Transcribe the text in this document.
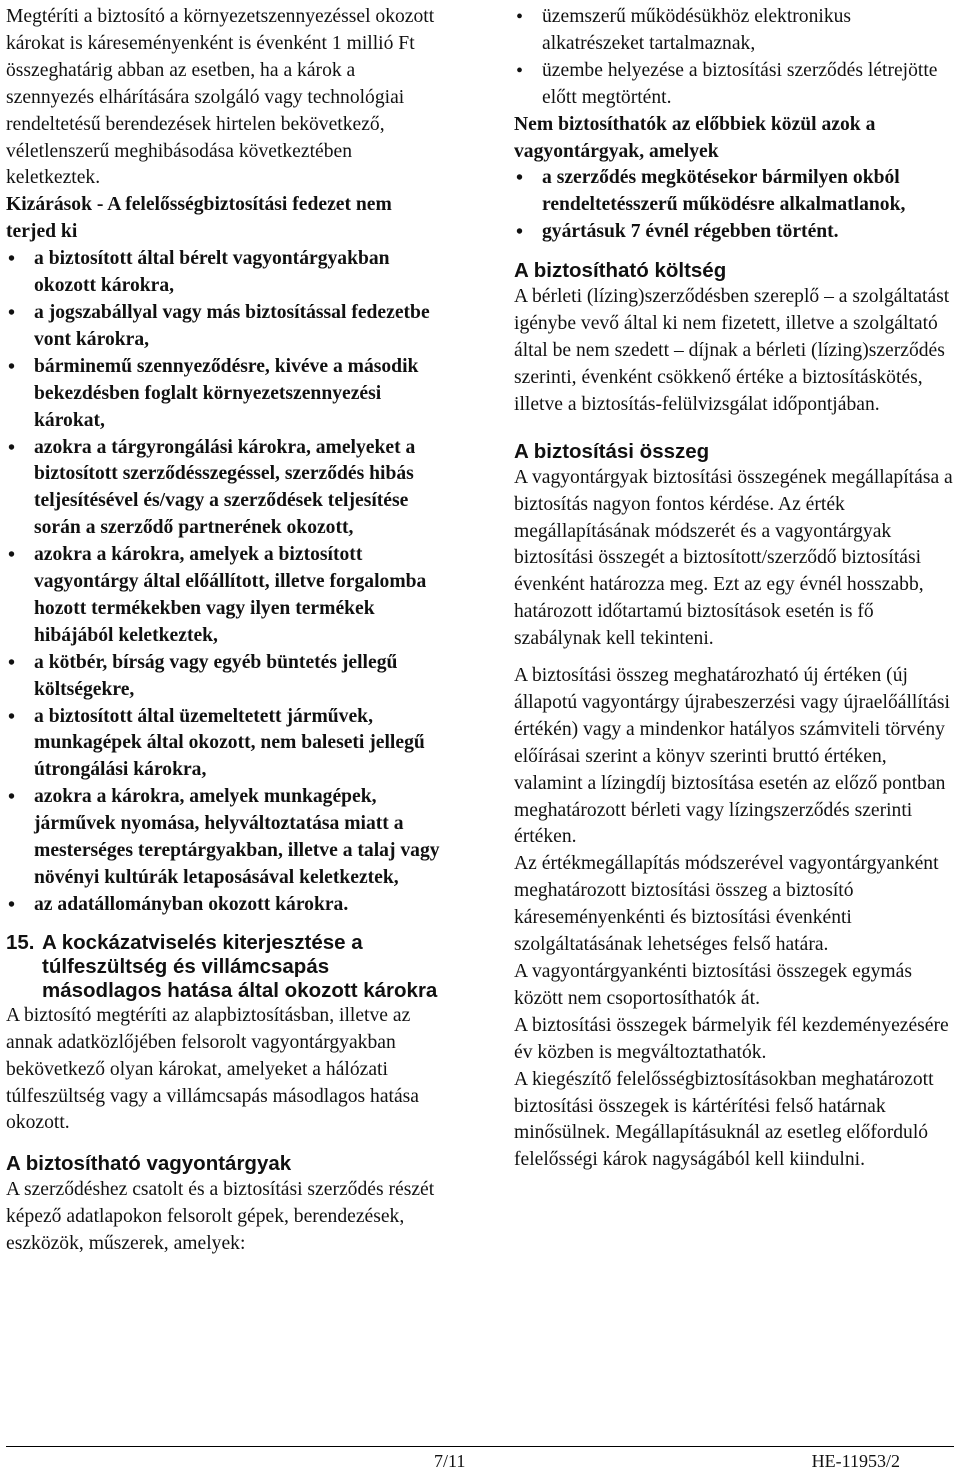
Megtéríti a biztosító a környezetszennyezéssel okozott károkat is káreseményenként is évenként 1 millió Ft összeghatárig abban az esetben, ha a károk a szennyezés elhárítására szolgáló vagy technológiai rendeltetésű berendezések hirtelen bekövetkező, véletlenszerű meghibásodása következtében keletkeztek.

Kizárások - A felelősségbiztosítási fedezet nem terjed ki

• a biztosított által bérelt vagyontárgyakban okozott károkra,
• a jogszabállyal vagy más biztosítással fedezetbe vont károkra,
• bárminemű szennyeződésre, kivéve a második bekezdésben foglalt környezetszennyezési károkat,
• azokra a tárgyrongálási károkra, amelyeket a biztosított szerződésszegéssel, szerződés hibás teljesítésével és/vagy a szerződések teljesítése során a szerződő partnerének okozott,
• azokra a károkra, amelyek a biztosított vagyontárgy által előállított, illetve forgalomba hozott termékekben vagy ilyen termékek hibájából keletkeztek,
• a kötbér, bírság vagy egyéb büntetés jellegű költségekre,
• a biztosított által üzemeltetett járművek, munkagépek által okozott, nem baleseti jellegű útrongálási károkra,
• azokra a károkra, amelyek munkagépek, járművek nyomása, helyváltoztatása miatt a mesterséges tereptárgyakban, illetve a talaj vagy növényi kultúrák letaposásával keletkeztek,
• az adatállományban okozott károkra.
15. A kockázatviselés kiterjesztése a túlfeszültség és villámcsapás másodlagos hatása által okozott károkra

A biztosító megtéríti az alapbiztosításban, illetve az annak adatközlőjében felsorolt vagyontárgyakban bekövetkező olyan károkat, amelyeket a hálózati túlfeszültség vagy a villámcsapás másodlagos hatása okozott.

A biztosítható vagyontárgyak

A szerződéshez csatolt és a biztosítási szerződés részét képező adatlapokon felsorolt gépek, berendezések, eszközök, műszerek, amelyek:

• üzemszerű működésükhöz elektronikus alkatrészeket tartalmaznak,
• üzembe helyezése a biztosítási szerződés létrejötte előtt megtörtént.

Nem biztosíthatók az előbbiek közül azok a vagyontárgyak, amelyek

• a szerződés megkötésekor bármilyen okból rendeltetésszerű működésre alkalmatlanok,
• gyártásuk 7 évnél régebben történt.
A biztosítható költség

A bérleti (lízing)szerződésben szereplő – a szolgáltatást igénybe vevő által ki nem fizetett, illetve a szolgáltató által be nem szedett – díjnak a bérleti (lízing)szerződés szerinti, évenként csökkenő értéke a biztosításkötés, illetve a biztosítás-felülvizsgálat időpontjában.

A biztosítási összeg

A vagyontárgyak biztosítási összegének megállapítása a biztosítás nagyon fontos kérdése. Az érték megállapításának módszerét és a vagyontárgyak biztosítási összegét a biztosított/szerződő biztosítási évenként határozza meg. Ezt az egy évnél hosszabb, határozott időtartamú biztosítások esetén is fő szabálynak kell tekinteni.

A biztosítási összeg meghatározható új értéken (új állapotú vagyontárgy újrabeszerzési vagy újraelőállítási értékén) vagy a mindenkor hatályos számviteli törvény előírásai szerint a könyv szerinti bruttó értéken, valamint a lízingdíj biztosítása esetén az előző pontban meghatározott bérleti vagy lízingszerződés szerinti értéken.

Az értékmegállapítás módszerével vagyontárgyanként meghatározott biztosítási összeg a biztosító káreseményenkénti és biztosítási évenkénti szolgáltatásának lehetséges felső határa.

A vagyontárgyankénti biztosítási összegek egymás között nem csoportosíthatók át.

A biztosítási összegek bármelyik fél kezdeményezésére év közben is megváltoztathatók.

A kiegészítő felelősségbiztosításokban meghatározott biztosítási összegek is kártérítési felső határnak minősülnek. Megállapításuknál az esetleg előforduló felelősségi károk nagyságából kell kiindulni.

7/11	HE-11953/2
